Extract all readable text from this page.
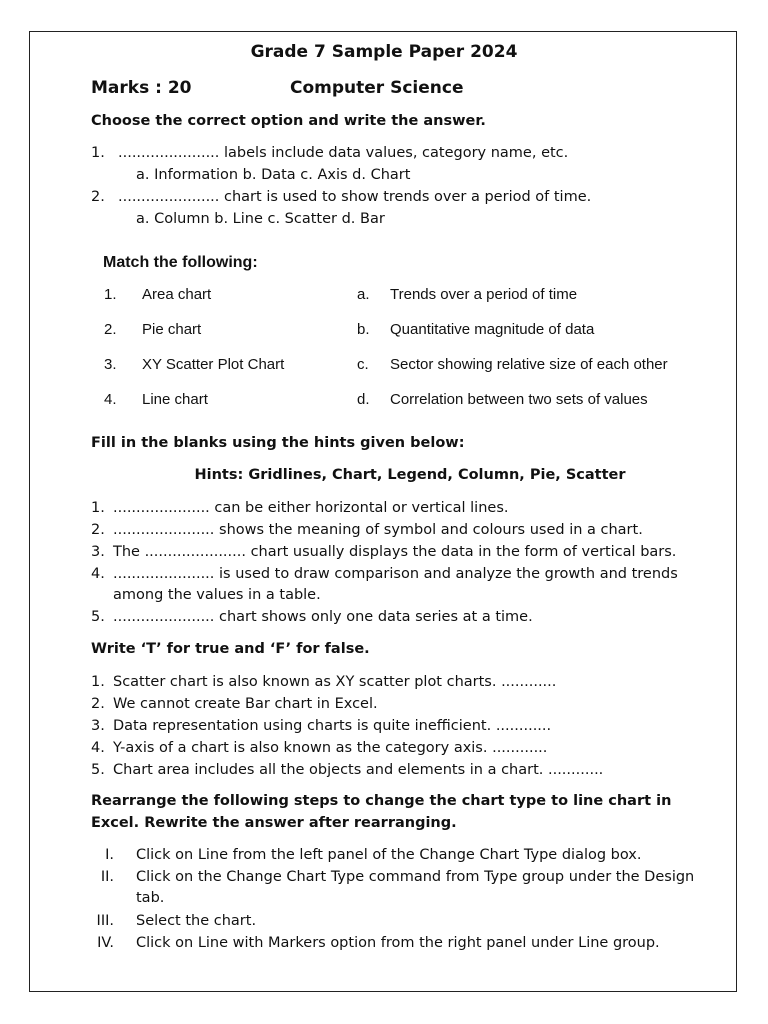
Grade 7 Sample Paper 2024
Marks : 20	Computer Science
Choose the correct option and write the answer.
1. ...................... labels include data values, category name, etc.
a. Information b. Data c. Axis d. Chart
2. ...................... chart is used to show trends over a period of time.
a. Column b. Line c. Scatter d. Bar
Match the following:
1. Area chart	a. Trends over a period of time
2. Pie chart	b. Quantitative magnitude of data
3. XY Scatter Plot Chart	c. Sector showing relative size of each other
4. Line chart	d. Correlation between two sets of values
Fill in the blanks using the hints given below:
Hints: Gridlines, Chart, Legend, Column, Pie, Scatter
1. ..................... can be either horizontal or vertical lines.
2. ...................... shows the meaning of symbol and colours used in a chart.
3. The ...................... chart usually displays the data in the form of vertical bars.
4. ...................... is used to draw comparison and analyze the growth and trends
among the values in a table.
5. ...................... chart shows only one data series at a time.
Write ‘T’ for true and ‘F’ for false.
1. Scatter chart is also known as XY scatter plot charts. ............
2. We cannot create Bar chart in Excel.
3. Data representation using charts is quite inefficient. ............
4. Y-axis of a chart is also known as the category axis. ............
5. Chart area includes all the objects and elements in a chart. ............
Rearrange the following steps to change the chart type to line chart in
Excel. Rewrite the answer after rearranging.
I. Click on Line from the left panel of the Change Chart Type dialog box.
II. Click on the Change Chart Type command from Type group under the Design
tab.
III. Select the chart.
IV. Click on Line with Markers option from the right panel under Line group.
